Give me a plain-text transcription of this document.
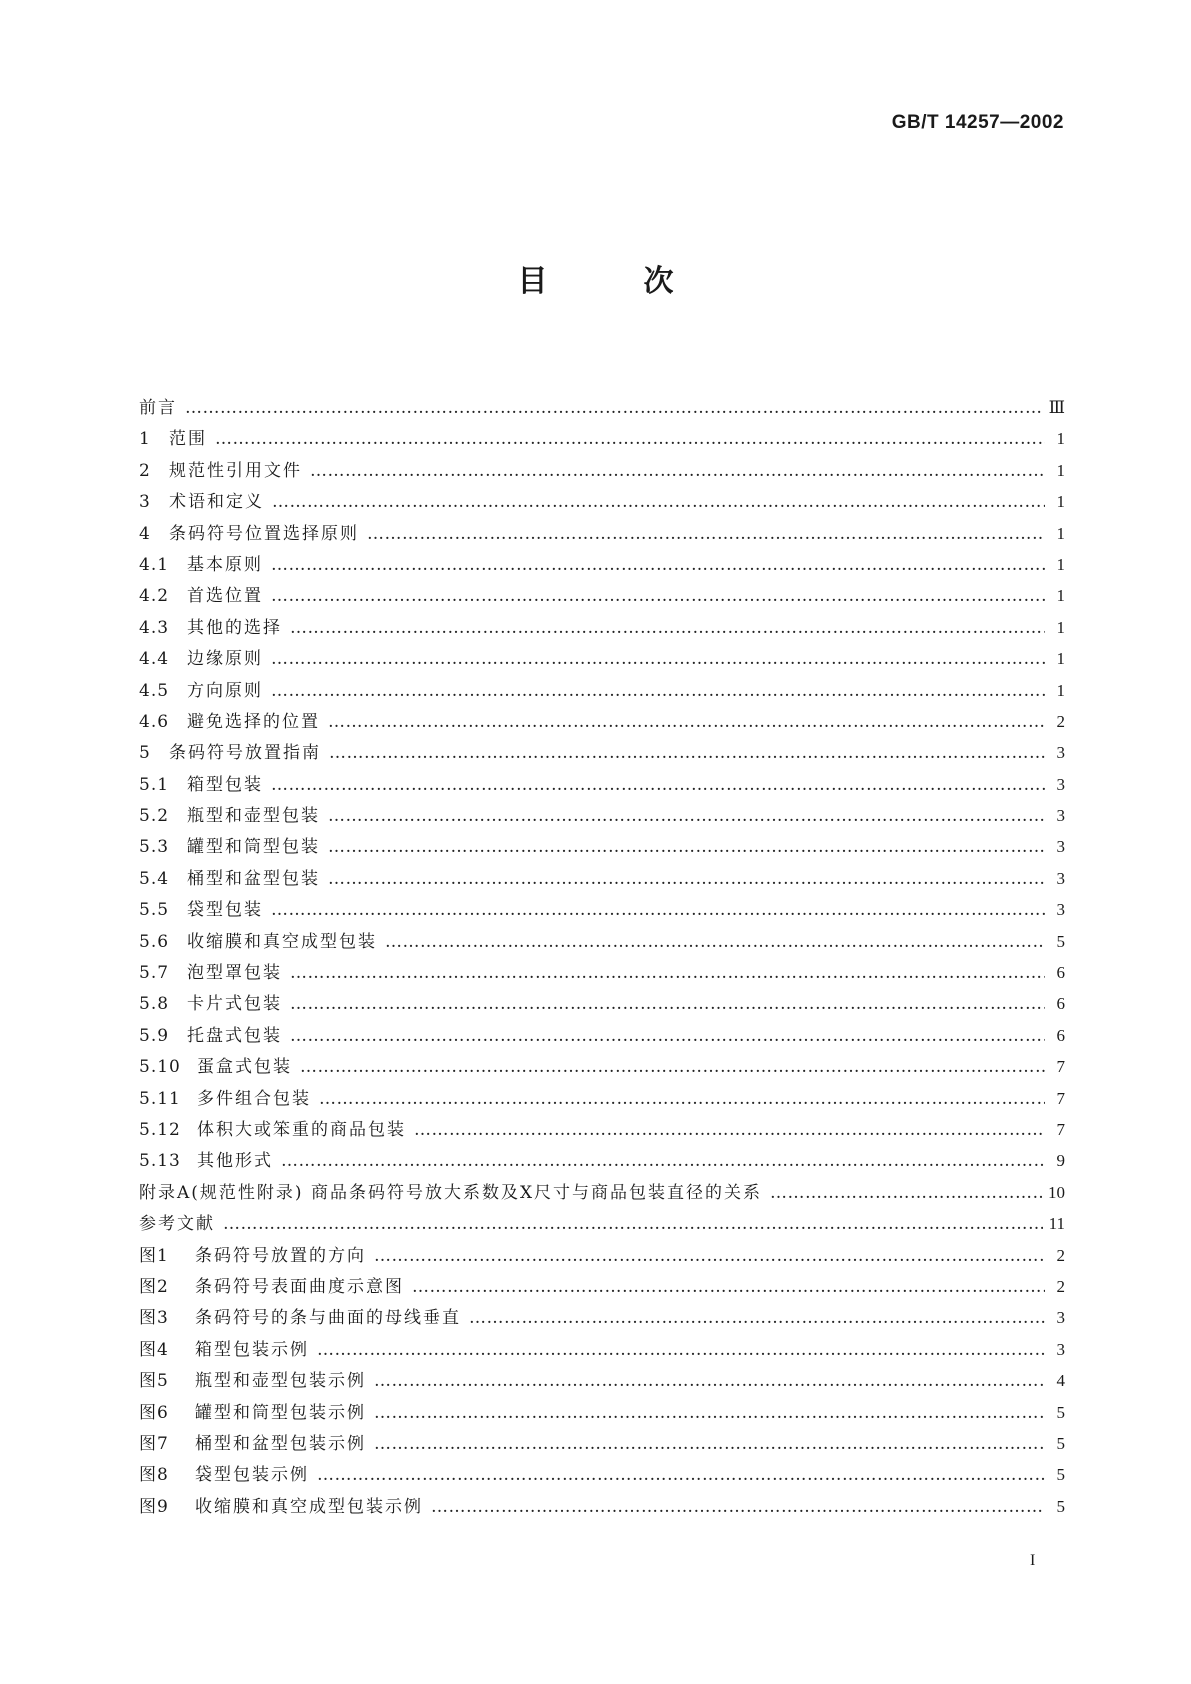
GB/T 14257—2002
目次
前言 ……………………………………………………………………………………………………………………………………………………………………………………………………………………	Ⅲ
1	范围 ……………………………………………………………………………………………………………………………………………………………………………………………………………………	1
2	规范性引用文件 ……………………………………………………………………………………………………………………………………………………………………………………………………………………	1
3	术语和定义 ……………………………………………………………………………………………………………………………………………………………………………………………………………………	1
4	条码符号位置选择原则 ……………………………………………………………………………………………………………………………………………………………………………………………………………………	1
4.1	基本原则 ……………………………………………………………………………………………………………………………………………………………………………………………………………………	1
4.2	首选位置 ……………………………………………………………………………………………………………………………………………………………………………………………………………………	1
4.3	其他的选择 ……………………………………………………………………………………………………………………………………………………………………………………………………………………	1
4.4	边缘原则 ……………………………………………………………………………………………………………………………………………………………………………………………………………………	1
4.5	方向原则 ……………………………………………………………………………………………………………………………………………………………………………………………………………………	1
4.6	避免选择的位置 ……………………………………………………………………………………………………………………………………………………………………………………………………………………	2
5	条码符号放置指南 ……………………………………………………………………………………………………………………………………………………………………………………………………………………	3
5.1	箱型包装 ……………………………………………………………………………………………………………………………………………………………………………………………………………………	3
5.2	瓶型和壶型包装 ……………………………………………………………………………………………………………………………………………………………………………………………………………………	3
5.3	罐型和筒型包装 ……………………………………………………………………………………………………………………………………………………………………………………………………………………	3
5.4	桶型和盆型包装 ……………………………………………………………………………………………………………………………………………………………………………………………………………………	3
5.5	袋型包装 ……………………………………………………………………………………………………………………………………………………………………………………………………………………	3
5.6	收缩膜和真空成型包装 ……………………………………………………………………………………………………………………………………………………………………………………………………………………	5
5.7	泡型罩包装 ……………………………………………………………………………………………………………………………………………………………………………………………………………………	6
5.8	卡片式包装 ……………………………………………………………………………………………………………………………………………………………………………………………………………………	6
5.9	托盘式包装 ……………………………………………………………………………………………………………………………………………………………………………………………………………………	6
5.10 蛋盒式包装 ……………………………………………………………………………………………………………………………………………………………………………………………………………………	7
5.11 多件组合包装 ……………………………………………………………………………………………………………………………………………………………………………………………………………………	7
5.12 体积大或笨重的商品包装 ……………………………………………………………………………………………………………………………………………………………………………………………………………………	7
5.13 其他形式 ……………………………………………………………………………………………………………………………………………………………………………………………………………………	9
附录A(规范性附录) 商品条码符号放大系数及X尺寸与商品包装直径的关系 ……………………………………………………………………………………………………………………………………………………………………………………………………………………	10
参考文献 ……………………………………………………………………………………………………………………………………………………………………………………………………………………	11
图1	条码符号放置的方向 ……………………………………………………………………………………………………………………………………………………………………………………………………………………	2
图2	条码符号表面曲度示意图 ……………………………………………………………………………………………………………………………………………………………………………………………………………………	2
图3	条码符号的条与曲面的母线垂直 ……………………………………………………………………………………………………………………………………………………………………………………………………………………	3
图4	箱型包装示例 ……………………………………………………………………………………………………………………………………………………………………………………………………………………	3
图5	瓶型和壶型包装示例 ……………………………………………………………………………………………………………………………………………………………………………………………………………………	4
图6	罐型和筒型包装示例 ……………………………………………………………………………………………………………………………………………………………………………………………………………………	5
图7	桶型和盆型包装示例 ……………………………………………………………………………………………………………………………………………………………………………………………………………………	5
图8	袋型包装示例 ……………………………………………………………………………………………………………………………………………………………………………………………………………………	5
图9	收缩膜和真空成型包装示例 ……………………………………………………………………………………………………………………………………………………………………………………………………………………	5
I
